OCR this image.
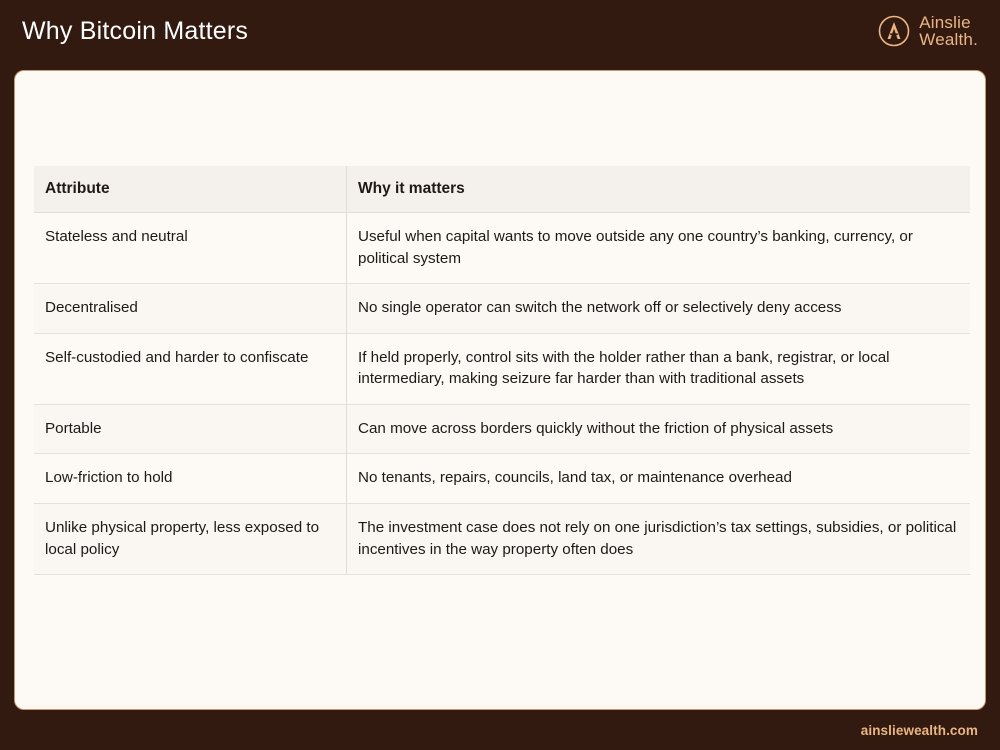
Why Bitcoin Matters	Ainslie
Wealth.
Attribute	Why it matters
Stateless and neutral	Useful when capital wants to move outside any one country’s banking, currency, or political system
Decentralised	No single operator can switch the network off or selectively deny access
Self-custodied and harder to confiscate	If held properly, control sits with the holder rather than a bank, registrar, or local intermediary, making seizure far harder than with traditional assets
Portable	Can move across borders quickly without the friction of physical assets
Low-friction to hold	No tenants, repairs, councils, land tax, or maintenance overhead
Unlike physical property, less exposed to local policy	The investment case does not rely on one jurisdiction’s tax settings, subsidies, or political incentives in the way property often does
ainsliewealth.com
